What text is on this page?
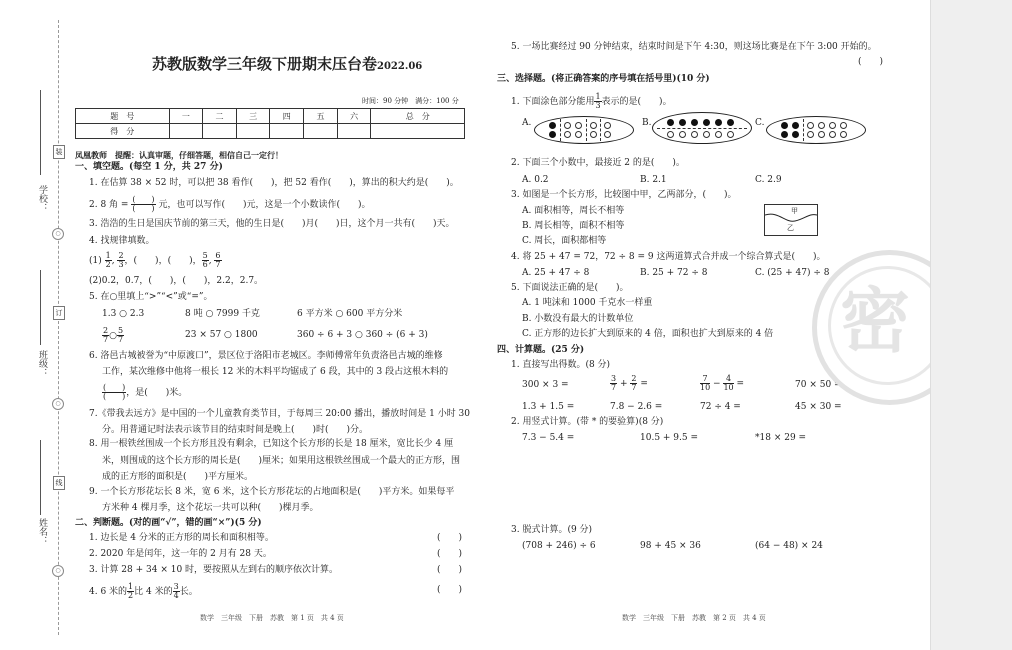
学校：
班级：
姓名：
装
○
订
○
线
○
苏教版数学三年级下册期末压台卷2022.06
时间：90 分钟　满分：100 分
题　号	一	二	三	四	五	六	总　分
得　分							
凤凰教师　提醒：认真审题，仔细答题，相信自己一定行！
一、填空题。(每空 1 分，共 27 分)
1. 在估算 38 × 52 时，可以把 38 看作(　　)，把 52 看作(　　)，算出的积大约是(　　)。
2. 8 角 = $\frac{( )}{( )}$ 元，也可以写作(　　)元，这是一个小数读作(　　)。
3. 浩浩的生日是国庆节前的第三天，他的生日是(　　)月(　　)日，这个月一共有(　　)天。
4. 找规律填数。
$(1) \frac{1}{2}$ , $\frac{2}{3}$ ，(　　)，(　　)， $\frac{5}{6}$ , $\frac{6}{7}$
(2)0.2，0.7，(　　)，(　　)，2.2，2.7。
5. 在○里填上“>”“<”或“=”。
1.3 ○ 2.3	8 吨 ○ 7999 千克	6 平方米 ○ 600 平方分米
$\frac{2}{7}$ ○ $\frac{5}{7}$	23 × 57 ○ 1800	360 ÷ 6 + 3 ○ 360 ÷ (6 + 3)
6. 洛邑古城被誉为“中原渡口”，景区位于洛阳市老城区。李师傅常年负责洛邑古城的维修
工作，某次维修中他将一根长 12 米的木料平均锯成了 6 段，其中的 3 段占这根木料的
$\frac{( )}{( )}$ ，是(　　)米。
7.《带我去远方》是中国的一个儿童教育类节目，于每周三 20:00 播出，播放时间是 1 小时 30
分。用普通记时法表示该节目的结束时间是晚上(　　)时(　　)分。
8. 用一根铁丝围成一个长方形且没有剩余，已知这个长方形的长是 18 厘米，宽比长少 4 厘
米，则围成的这个长方形的周长是(　　)厘米；如果用这根铁丝围成一个最大的正方形，围
成的正方形的面积是(　　)平方厘米。
9. 一个长方形花坛长 8 米，宽 6 米，这个长方形花坛的占地面积是(　　)平方米。如果每平
方米种 4 棵月季，这个花坛一共可以种(　　)棵月季。
二、判断题。(对的画“√”，错的画“×”)(5 分)
1. 边长是 4 分米的正方形的周长和面积相等。	(　　)
2. 2020 年是闰年，这一年的 2 月有 28 天。	(　　)
3. 计算 28 + 34 × 10 时，要按照从左到右的顺序依次计算。	(　　)
4. 6 米的 $\frac{1}{2}$ 比 4 米的 $\frac{3}{4}$ 长。	(　　)
数学　三年级　下册　苏教　第 1 页　共 4 页
5. 一场比赛经过 90 分钟结束，结束时间是下午 4:30，则这场比赛是在下午 3:00 开始的。
(　　)
三、选择题。(将正确答案的序号填在括号里)(10 分)
1. 下面涂色部分能用 $\frac{1}{3}$ 表示的是(　　)。
A.	B.	C.
2. 下面三个小数中，最接近 2 的是(　　)。
A. 0.2	B. 2.1	C. 2.9
3. 如图是一个长方形，比较图中甲，乙两部分，(　　)。
A. 面积相等，周长不相等
B. 周长相等，面积不相等
C. 周长，面积都相等
甲
乙
4. 将 25 + 47 = 72，72 ÷ 8 = 9 这两道算式合并成一个综合算式是(　　)。
A. 25 + 47 ÷ 8	B. 25 + 72 ÷ 8	C. (25 + 47) ÷ 8
5. 下面说法正确的是(　　)。
A. 1 吨沫和 1000 千克水一样重
B. 小数没有最大的计数单位
C. 正方形的边长扩大到原来的 4 倍，面积也扩大到原来的 4 倍
四、计算题。(25 分)
1. 直接写出得数。(8 分)
300 × 3 =	$\frac{3}{7} + \frac{2}{7}$ =	$\frac{7}{10} - \frac{4}{10}$ =	70 × 50 =
1.3 + 1.5 =	7.8 − 2.6 =	72 ÷ 4 =	45 × 30 =
2. 用竖式计算。(带 * 的要验算)(8 分)
7.3 − 5.4 =	10.5 + 9.5 =	*18 × 29 =
3. 脱式计算。(9 分)
(708 + 246) ÷ 6	98 + 45 × 36	(64 − 48) × 24
数学　三年级　下册　苏教　第 2 页　共 4 页
密
